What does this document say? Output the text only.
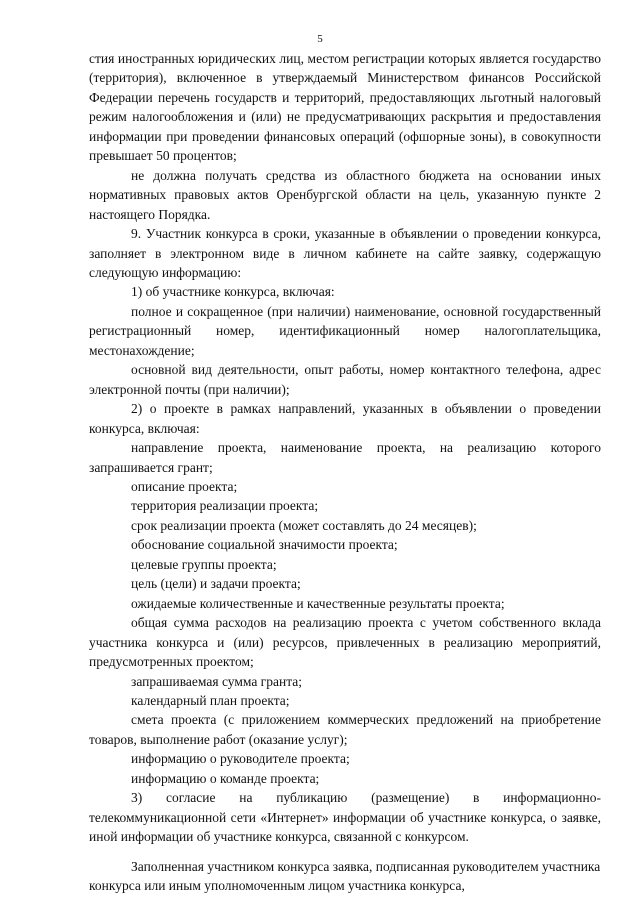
5

стия иностранных юридических лиц, местом регистрации которых является государство (территория), включенное в утверждаемый Министерством финансов Российской Федерации перечень государств и территорий, предоставляющих льготный налоговый режим налогообложения и (или) не предусматривающих раскрытия и предоставления информации при проведении финансовых операций (офшорные зоны), в совокупности превышает 50 процентов;

не должна получать средства из областного бюджета на основании иных нормативных правовых актов Оренбургской области на цель, указанную пункте 2 настоящего Порядка.

9. Участник конкурса в сроки, указанные в объявлении о проведении конкурса, заполняет в электронном виде в личном кабинете на сайте заявку, содержащую следующую информацию:

1) об участнике конкурса, включая:

полное и сокращенное (при наличии) наименование, основной государственный регистрационный номер, идентификационный номер налогоплательщика, местонахождение;

основной вид деятельности, опыт работы, номер контактного телефона, адрес электронной почты (при наличии);

2) о проекте в рамках направлений, указанных в объявлении о проведении конкурса, включая:

направление проекта, наименование проекта, на реализацию которого запрашивается грант;

описание проекта;

территория реализации проекта;

срок реализации проекта (может составлять до 24 месяцев);

обоснование социальной значимости проекта;

целевые группы проекта;

цель (цели) и задачи проекта;

ожидаемые количественные и качественные результаты проекта;

общая сумма расходов на реализацию проекта с учетом собственного вклада участника конкурса и (или) ресурсов, привлеченных в реализацию мероприятий, предусмотренных проектом;

запрашиваемая сумма гранта;

календарный план проекта;

смета проекта (с приложением коммерческих предложений на приобретение товаров, выполнение работ (оказание услуг);

информацию о руководителе проекта;

информацию о команде проекта;

3) согласие на публикацию (размещение) в информационно-телекоммуникационной сети «Интернет» информации об участнике конкурса, о заявке, иной информации об участнике конкурса, связанной с конкурсом.

Заполненная участником конкурса заявка, подписанная руководителем участника конкурса или иным уполномоченным лицом участника конкурса,
